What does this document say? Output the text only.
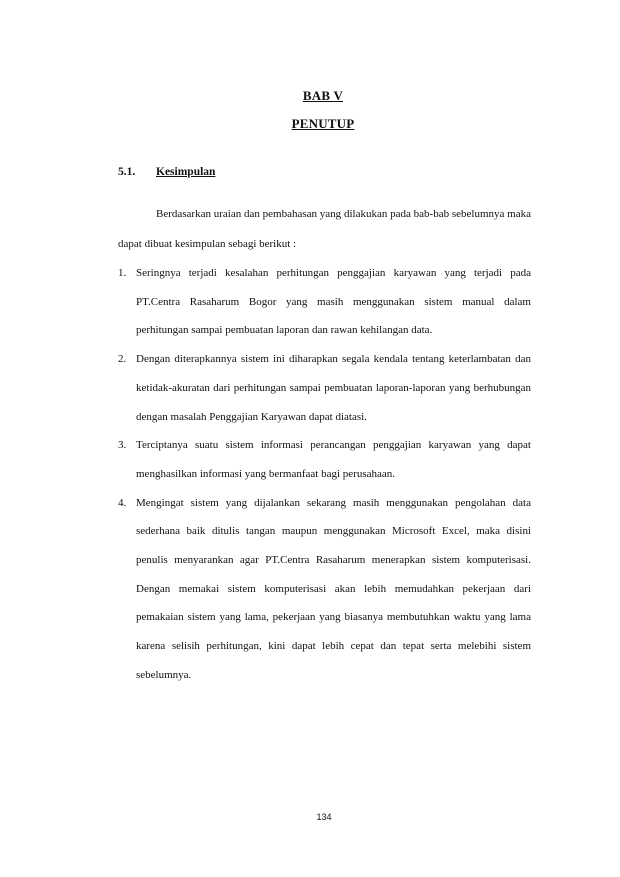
BAB V
PENUTUP
5.1. Kesimpulan
Berdasarkan uraian dan pembahasan yang dilakukan pada bab-bab sebelumnya maka dapat dibuat kesimpulan sebagi berikut :
1. Seringnya terjadi kesalahan perhitungan penggajian karyawan yang terjadi pada PT.Centra Rasaharum Bogor yang masih menggunakan sistem manual dalam perhitungan sampai pembuatan laporan dan rawan kehilangan data.
2. Dengan diterapkannya sistem ini diharapkan segala kendala tentang keterlambatan dan ketidak-akuratan dari perhitungan sampai pembuatan laporan-laporan yang berhubungan dengan masalah Penggajian Karyawan dapat diatasi.
3. Terciptanya suatu sistem informasi perancangan penggajian karyawan yang dapat menghasilkan informasi yang bermanfaat bagi perusahaan.
4. Mengingat sistem yang dijalankan sekarang masih menggunakan pengolahan data sederhana baik ditulis tangan maupun menggunakan Microsoft Excel, maka disini penulis menyarankan agar PT.Centra Rasaharum menerapkan sistem komputerisasi. Dengan memakai sistem komputerisasi akan lebih memudahkan pekerjaan dari pemakaian sistem yang lama, pekerjaan yang biasanya membutuhkan waktu yang lama karena selisih perhitungan, kini dapat lebih cepat dan tepat serta melebihi sistem sebelumnya.
134
